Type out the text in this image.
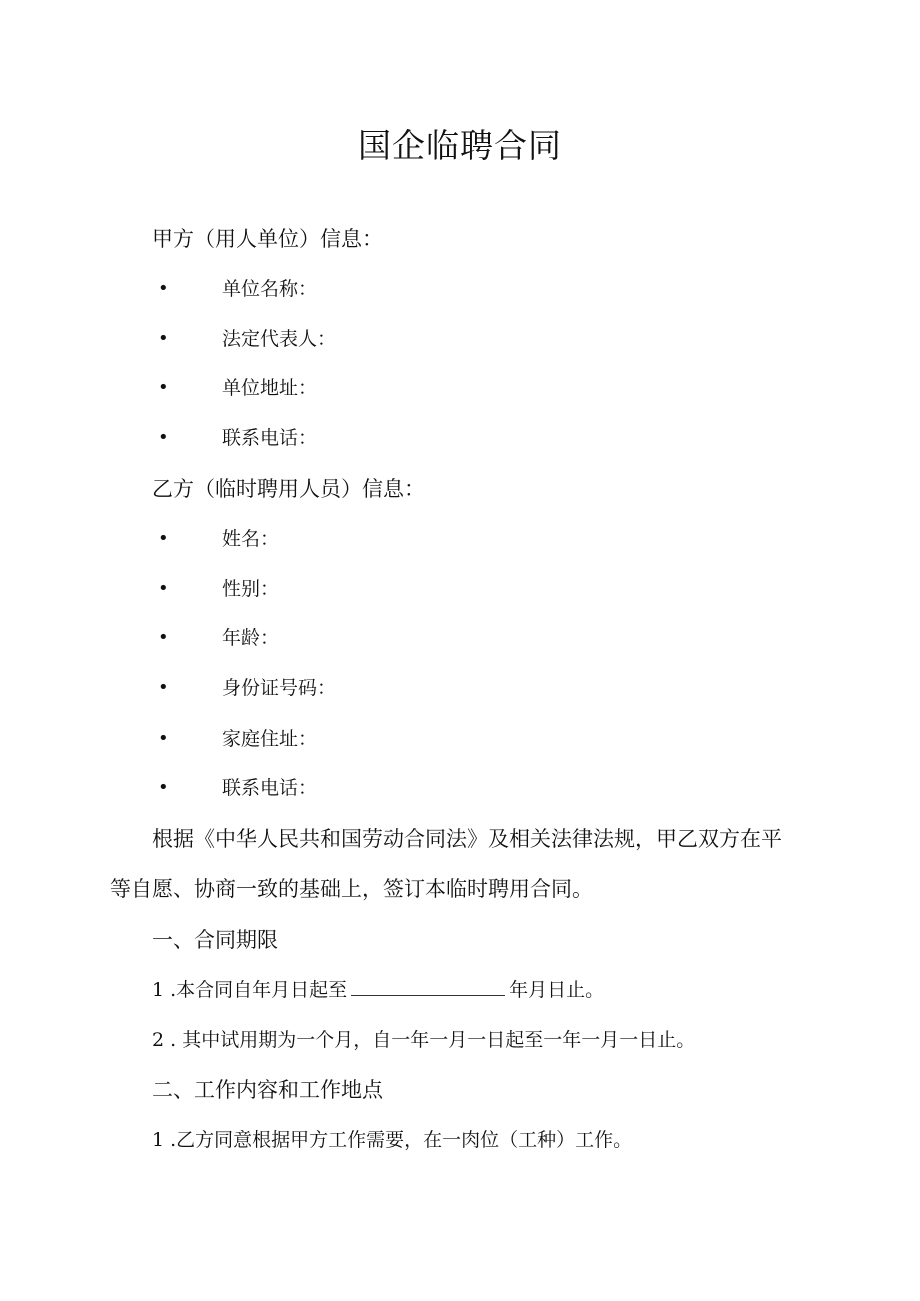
国企临聘合同
甲方（用人单位）信息：
•	单位名称：
•	法定代表人：
•	单位地址：
•	联系电话：
乙方（临时聘用人员）信息：
•	姓名：
•	性别：
•	年龄：
•	身份证号码：
•	家庭住址：
•	联系电话：
根据《中华人民共和国劳动合同法》及相关法律法规，甲乙双方在平
等自愿、协商一致的基础上，签订本临时聘用合同。
一、合同期限
1 .本合同自年月日起至	年月日止。
2 . 其中试用期为一个月，自一年一月一日起至一年一月一日止。
二、工作内容和工作地点
1 .乙方同意根据甲方工作需要，在一肉位（工种）工作。
